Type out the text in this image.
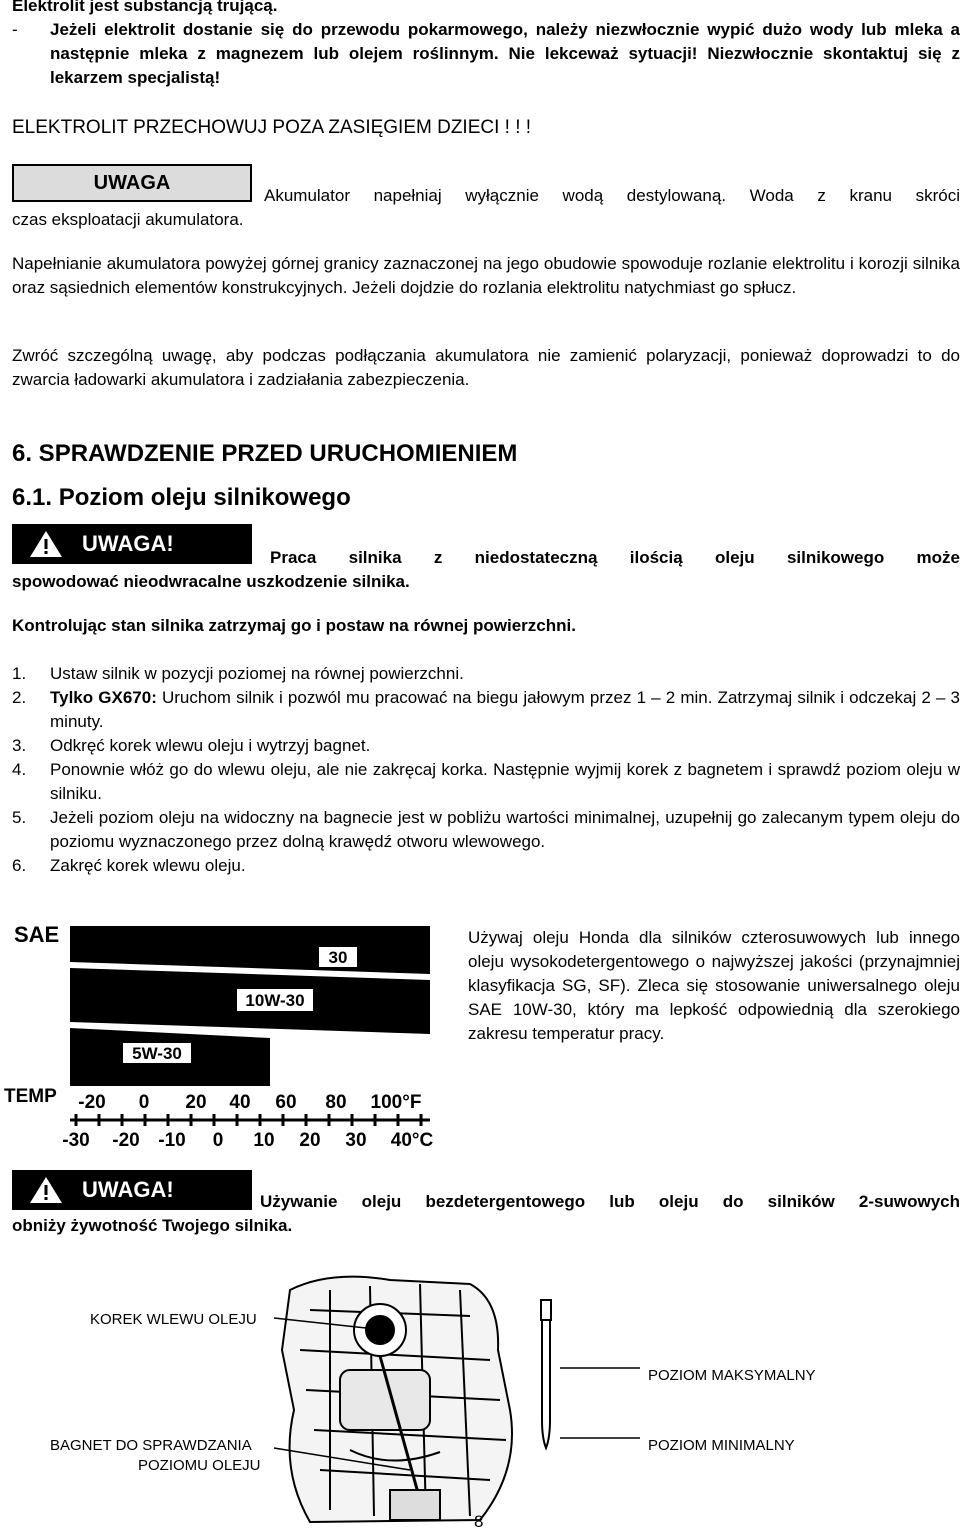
Elektrolit jest substancją trującą.
- Jeżeli elektrolit dostanie się do przewodu pokarmowego, należy niezwłocznie wypić dużo wody lub mleka a następnie mleka z magnezem lub olejem roślinnym. Nie lekceważ sytuacji! Niezwłocznie skontaktuj się z lekarzem specjalistą!
ELEKTROLIT PRZECHOWUJ POZA ZASIĘGIEM DZIECI ! ! !
UWAGA
Akumulator napełniaj wyłącznie wodą destylowaną. Woda z kranu skróci
czas eksploatacji akumulatora.
Napełnianie akumulatora powyżej górnej granicy zaznaczonej na jego obudowie spowoduje rozlanie elektrolitu i korozji silnika oraz sąsiednich elementów konstrukcyjnych. Jeżeli dojdzie do rozlania elektrolitu natychmiast go spłucz.
Zwróć szczególną uwagę, aby podczas podłączania akumulatora nie zamienić polaryzacji, ponieważ doprowadzi to do zwarcia ładowarki akumulatora i zadziałania zabezpieczenia.
6. SPRAWDZENIE PRZED URUCHOMIENIEM
6.1. Poziom oleju silnikowego
UWAGA!
Praca silnika z niedostateczną ilością oleju silnikowego może
spowodować nieodwracalne uszkodzenie silnika.
Kontrolując stan silnika zatrzymaj go i postaw na równej powierzchni.
1. Ustaw silnik w pozycji poziomej na równej powierzchni.
2. Tylko GX670: Uruchom silnik i pozwól mu pracować na biegu jałowym przez 1 – 2 min. Zatrzymaj silnik i odczekaj 2 – 3 minuty.
3. Odkręć korek wlewu oleju i wytrzyj bagnet.
4. Ponownie włóż go do wlewu oleju, ale nie zakręcaj korka. Następnie wyjmij korek z bagnetem i sprawdź poziom oleju w silniku.
5. Jeżeli poziom oleju na widoczny na bagnecie jest w pobliżu wartości minimalnej, uzupełnij go zalecanym typem oleju do poziomu wyznaczonego przez dolną krawędź otworu wlewowego.
6. Zakręć korek wlewu oleju.
SAE
30
10W-30
5W-30
TEMP -20 0 20 40 60 80 100°F
-30 -20 -10 0 10 20 30 40°C
Używaj oleju Honda dla silników czterosuwowych lub innego oleju wysokodetergentowego o najwyższej jakości (przynajmniej klasyfikacja SG, SF). Zleca się stosowanie uniwersalnego oleju SAE 10W-30, który ma lepkość odpowiednią dla szerokiego zakresu temperatur pracy.
UWAGA!	Używanie oleju bezdetergentowego lub oleju do silników 2-suwowych
obniży żywotność Twojego silnika.
KOREK WLEWU OLEJU
BAGNET DO SPRAWDZANIA
POZIOMU OLEJU
POZIOM MAKSYMALNY
POZIOM MINIMALNY
8
